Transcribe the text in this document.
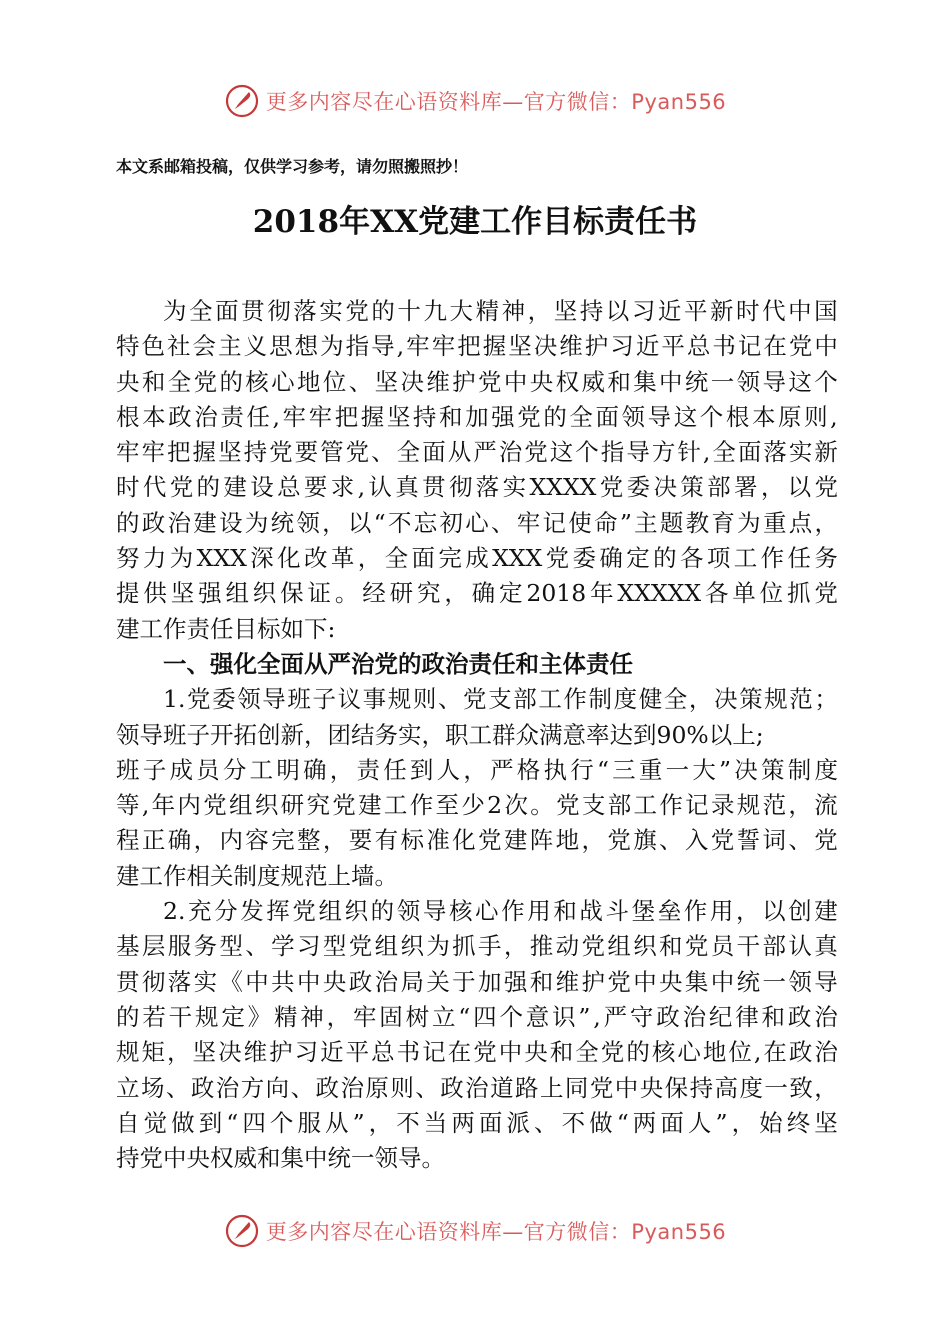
更多内容尽在心语资料库—官方微信：Pyan556
本文系邮箱投稿，仅供学习参考，请勿照搬照抄！
2018年XX党建工作目标责任书
为 全 面 贯 彻 落 实 党 的 十 九 大 精 神 ， 坚 持 以 习 近 平 新 时 代 中 国
特 色 社 会 主 义 思 想 为 指 导 , 牢 牢 把 握 坚 决 维 护 习 近 平 总 书 记 在 党 中
央 和 全 党 的 核 心 地 位 、 坚 决 维 护 党 中 央 权 威 和 集 中 统 一 领 导 这 个
根 本 政 治 责 任 , 牢 牢 把 握 坚 持 和 加 强 党 的 全 面 领 导 这 个 根 本 原 则 ,
牢 牢 把 握 坚 持 党 要 管 党 、 全 面 从 严 治 党 这 个 指 导 方 针 , 全 面 落 实 新
时 代 党 的 建 设 总 要 求 , 认 真 贯 彻 落 实 XXXX 党 委 决 策 部 署 ， 以 党
的 政 治 建 设 为 统 领 ， 以 “ 不 忘 初 心 、 牢 记 使 命 ” 主 题 教 育 为 重 点 ，
努 力 为 XXX 深 化 改 革 ， 全 面 完 成 XXX 党 委 确 定 的 各 项 工 作 任 务
提 供 坚 强 组 织 保 证 。 经 研 究 ， 确 定 2018 年 XXXXX 各 单 位 抓 党
建工作责任目标如下:
一、强化全面从严治党的政治责任和主体责任
1. 党 委 领 导 班 子 议 事 规 则 、 党 支 部 工 作 制 度 健 全 ， 决 策 规 范 ；
领导班子开拓创新，团结务实，职工群众满意率达到90%以上;
班 子 成 员 分 工 明 确 ， 责 任 到 人 ， 严 格 执 行 “ 三 重 一 大 ” 决 策 制 度
等 , 年 内 党 组 织 研 究 党 建 工 作 至 少 2 次 。 党 支 部 工 作 记 录 规 范 ， 流
程 正 确 ， 内 容 完 整 ， 要 有 标 准 化 党 建 阵 地 ， 党 旗 、 入 党 誓 词 、 党
建工作相关制度规范上墙。
2. 充 分 发 挥 党 组 织 的 领 导 核 心 作 用 和 战 斗 堡 垒 作 用 ， 以 创 建
基 层 服 务 型 、 学 习 型 党 组 织 为 抓 手 ， 推 动 党 组 织 和 党 员 干 部 认 真
贯 彻 落 实 《 中 共 中 央 政 治 局 关 于 加 强 和 维 护 党 中 央 集 中 统 一 领 导
的 若 干 规 定 》 精 神 ， 牢 固 树 立 “ 四 个 意 识 ” , 严 守 政 治 纪 律 和 政 治
规 矩 ， 坚 决 维 护 习 近 平 总 书 记 在 党 中 央 和 全 党 的 核 心 地 位 , 在 政 治
立 场 、 政 治 方 向 、 政 治 原 则 、 政 治 道 路 上 同 党 中 央 保 持 高 度 一 致 ，
自 觉 做 到 “ 四 个 服 从 ” ， 不 当 两 面 派 、 不 做 “ 两 面 人 ” ， 始 终 坚
持党中央权威和集中统一领导。
更多内容尽在心语资料库—官方微信：Pyan556
